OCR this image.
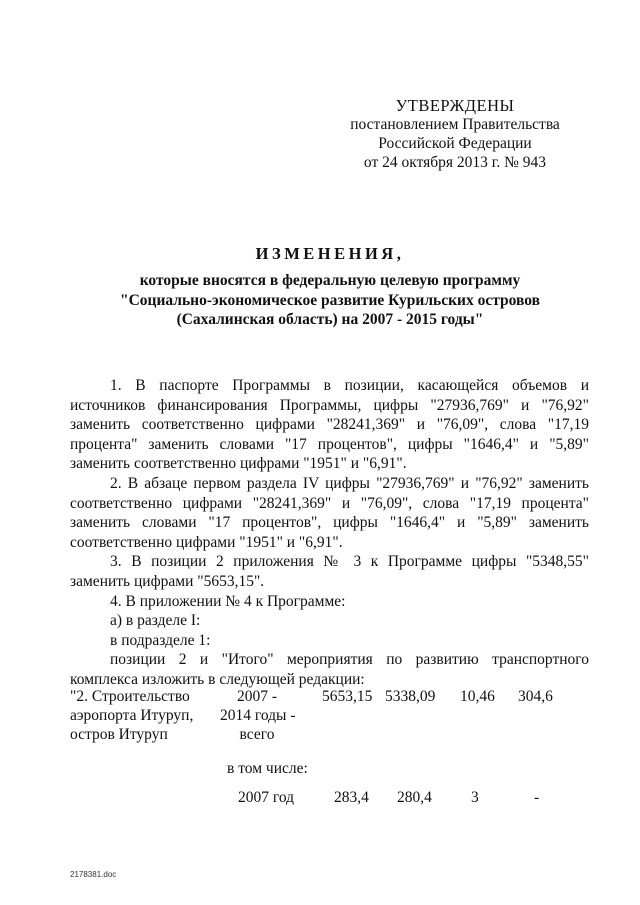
УТВЕРЖДЕНЫ
постановлением Правительства
Российской Федерации
от 24 октября 2013 г. № 943
ИЗМЕНЕНИЯ,
которые вносятся в федеральную целевую программу
"Социально-экономическое развитие Курильских островов
(Сахалинская область) на 2007 - 2015 годы"

1. В паспорте Программы в позиции, касающейся объемов и источников финансирования Программы, цифры "27936,769" и "76,92" заменить соответственно цифрами "28241,369" и "76,09", слова "17,19 процента" заменить словами "17 процентов", цифры "1646,4" и "5,89" заменить соответственно цифрами "1951" и "6,91".

2. В абзаце первом раздела IV цифры "27936,769" и "76,92" заменить соответственно цифрами "28241,369" и "76,09", слова "17,19 процента" заменить словами "17 процентов", цифры "1646,4" и "5,89" заменить соответственно цифрами "1951" и "6,91".

3. В позиции 2 приложения № 3 к Программе цифры "5348,55" заменить цифрами "5653,15".

4. В приложении № 4 к Программе:

а) в разделе I:

в подразделе 1:

позиции 2 и "Итого" мероприятия по развитию транспортного комплекса изложить в следующей редакции:

"2. Строительство
аэропорта Итуруп,
остров Итуруп
2007 -
2014 годы -
всего
5653,15 5338,09 10,46 304,6
в том числе:
2007 год	283,4 280,4	3	-
2178381.doc
